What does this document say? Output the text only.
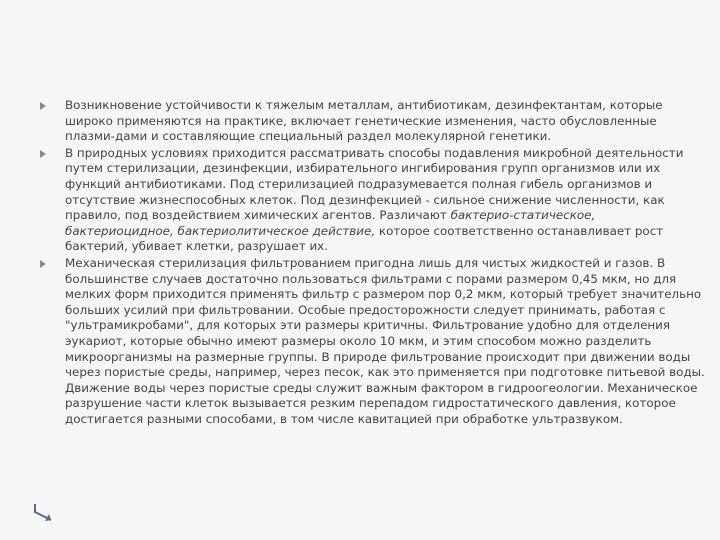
Возникновение устойчивости к тяжелым металлам, антибиотикам, дезинфектантам, которые широко применяются на практике, включает генетические изменения, часто обусловленные плазми-дами и составляющие специальный раздел молекулярной генетики.
В природных условиях приходится рассматривать способы подавления микробной деятельности путем стерилизации, дезинфекции, избирательного ингибирования групп организмов или их функций антибиотиками. Под стерилизацией подразумевается полная гибель организмов и отсутствие жизнеспособных клеток. Под дезинфекцией - сильное снижение численности, как правило, под воздействием химических агентов. Различают бактерио-статическое, бактериоцидное, бактериолитическое действие, которое соответственно останавливает рост бактерий, убивает клетки, разрушает их.
Механическая стерилизация фильтрованием пригодна лишь для чистых жидкостей и газов. В большинстве случаев достаточно пользоваться фильтрами с порами размером 0,45 мкм, но для мелких форм приходится применять фильтр с размером пор 0,2 мкм, который требует значительно больших усилий при фильтровании. Особые предосторожности следует принимать, работая с "ультрамикробами", для которых эти размеры критичны. Фильтрование удобно для отделения эукариот, которые обычно имеют размеры около 10 мкм, и этим способом можно разделить микроорганизмы на размерные группы. В природе фильтрование происходит при движении воды через пористые среды, например, через песок, как это применяется при подготовке питьевой воды. Движение воды через пористые среды служит важным фактором в гидроогеологии. Механическое разрушение части клеток вызывается резким перепадом гидростатического давления, которое достигается разными способами, в том числе кавитацией при обработке ультразвуком.
